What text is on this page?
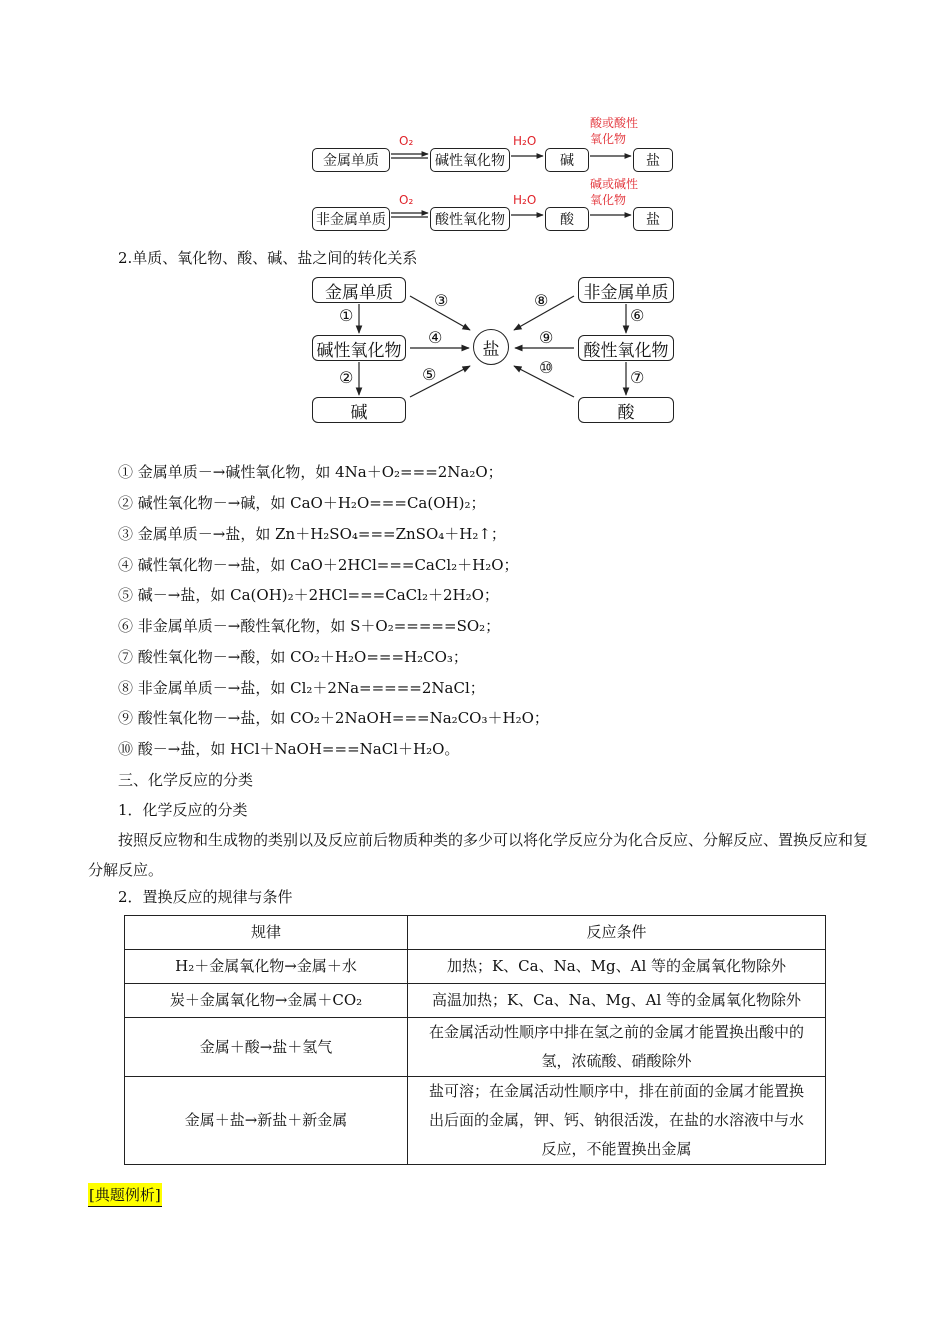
金属单质	碱性氧化物	碱	盐
非金属单质	酸性氧化物	酸	盐
O₂	H₂O
酸或酸性
氧化物
O₂	H₂O
碱或碱性
氧化物
2.单质、氧化物、酸、碱、盐之间的转化关系
金属单质
碱性氧化物
碱
非金属单质
酸性氧化物
酸
盐
①
②
③
④
⑤
⑥
⑦
⑧
⑨
⑩
① 金属单质－→碱性氧化物，如 4Na＋O₂===2Na₂O；
② 碱性氧化物－→碱，如 CaO＋H₂O===Ca(OH)₂；
③ 金属单质－→盐，如 Zn＋H₂SO₄===ZnSO₄＋H₂↑；
④ 碱性氧化物－→盐，如 CaO＋2HCl===CaCl₂＋H₂O；
⑤ 碱－→盐，如 Ca(OH)₂＋2HCl===CaCl₂＋2H₂O；
⑥ 非金属单质－→酸性氧化物，如 S＋O₂=====SO₂；
⑦ 酸性氧化物－→酸，如 CO₂＋H₂O===H₂CO₃；
⑧ 非金属单质－→盐，如 Cl₂＋2Na=====2NaCl；
⑨ 酸性氧化物－→盐，如 CO₂＋2NaOH===Na₂CO₃＋H₂O；
⑩ 酸－→盐，如 HCl＋NaOH===NaCl＋H₂O。
三、化学反应的分类
1．化学反应的分类
按照反应物和生成物的类别以及反应前后物质种类的多少可以将化学反应分为化合反应、分解反应、置换反应和复分解反应。
2．置换反应的规律与条件
规律	反应条件
H₂＋金属氧化物→金属＋水	加热；K、Ca、Na、Mg、Al 等的金属氧化物除外
炭＋金属氧化物→金属＋CO₂	高温加热；K、Ca、Na、Mg、Al 等的金属氧化物除外
金属＋酸→盐＋氢气	在金属活动性顺序中排在氢之前的金属才能置换出酸中的氢，浓硫酸、硝酸除外
金属＋盐→新盐＋新金属	盐可溶；在金属活动性顺序中，排在前面的金属才能置换出后面的金属，钾、钙、钠很活泼，在盐的水溶液中与水反应，不能置换出金属
[典题例析]
